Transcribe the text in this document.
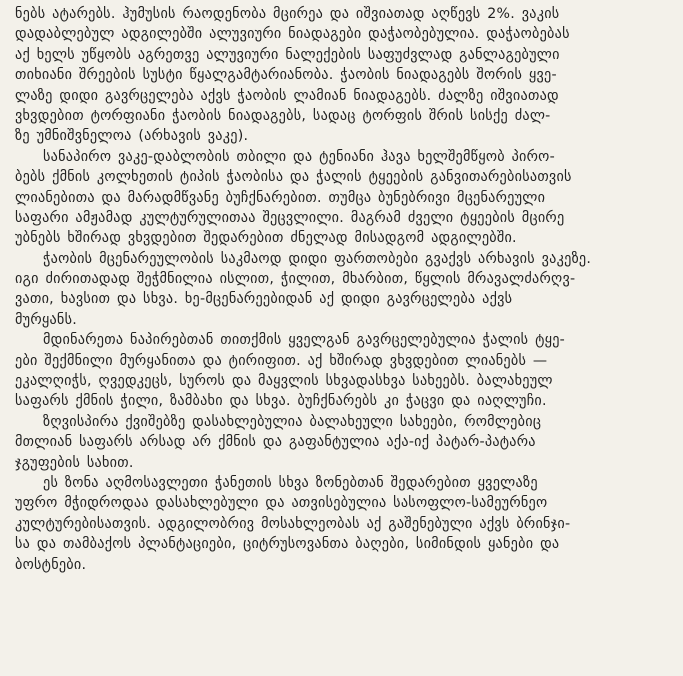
ნებს ატარებს. ჰუმუსის რაოდენობა მცირეა და იშვიათად აღწევს 2%. ვაკის
დადაბლებულ ადგილებში ალუვიური ნიადაგები დაჭაობებულია. დაჭაობებას
აქ ხელს უწყობს აგრეთვე ალუვიური ნალექების საფუძვლად განლაგებული
თიხიანი შრეების სუსტი წყალგამტარიანობა. ჭაობის ნიადაგებს შორის ყვე-
ლაზე დიდი გავრცელება აქვს ჭაობის ლამიან ნიადაგებს. ძალზე იშვიათად
ვხვდებით ტორფიანი ჭაობის ნიადაგებს, სადაც ტორფის შრის სისქე ძალ-
ზე უმნიშვნელოა (არხავის ვაკე).
სანაპირო ვაკე-დაბლობის თბილი და ტენიანი ჰავა ხელშემწყობ პირო-
ბებს ქმნის კოლხეთის ტიპის ჭაობისა და ჭალის ტყეების განვითარებისათვის
ლიანებითა და მარადმწვანე ბუჩქნარებით. თუმცა ბუნებრივი მცენარეული
საფარი ამჟამად კულტურულითაა შეცვლილი. მაგრამ ძველი ტყეების მცირე
უბნებს ხშირად ვხვდებით შედარებით ძნელად მისადგომ ადგილებში.
ჭაობის მცენარეულობის საკმაოდ დიდი ფართობები გვაქვს არხავის ვაკეზე.
იგი ძირითადად შეჭმნილია ისლით, ჭილით, მხარბით, წყლის მრავალძარღვ-
ვათი, ხავსით და სხვა. ხე-მცენარეებიდან აქ დიდი გავრცელება აქვს
მურყანს.
მდინარეთა ნაპირებთან თითქმის ყველგან გავრცელებულია ჭალის ტყე-
ები შექმნილი მურყანითა და ტირიფით. აქ ხშირად ვხვდებით ლიანებს —
ეკალღიჭს, ღვედკეცს, სუროს და მაყვლის სხვადასხვა სახეებს. ბალახეულ
საფარს ქმნის ჭილი, ზამბახი და სხვა. ბუჩქნარებს კი ჭაცვი და იაღლუჩი.
ზღვისპირა ქვიშებზე დასახლებულია ბალახეული სახეები, რომლებიც
მთლიან საფარს არსად არ ქმნის და გაფანტულია აქა-იქ პატარ-პატარა
ჯგუფების სახით.
ეს ზონა აღმოსავლეთი ჭანეთის სხვა ზონებთან შედარებით ყველაზე
უფრო მჭიდროდაა დასახლებული და ათვისებულია სასოფლო-სამეურნეო
კულტურებისათვის. ადგილობრივ მოსახლეობას აქ გაშენებული აქვს ბრინჯი-
სა და თამბაქოს პლანტაციები, ციტრუსოვანთა ბაღები, სიმინდის ყანები და
ბოსტნები.
